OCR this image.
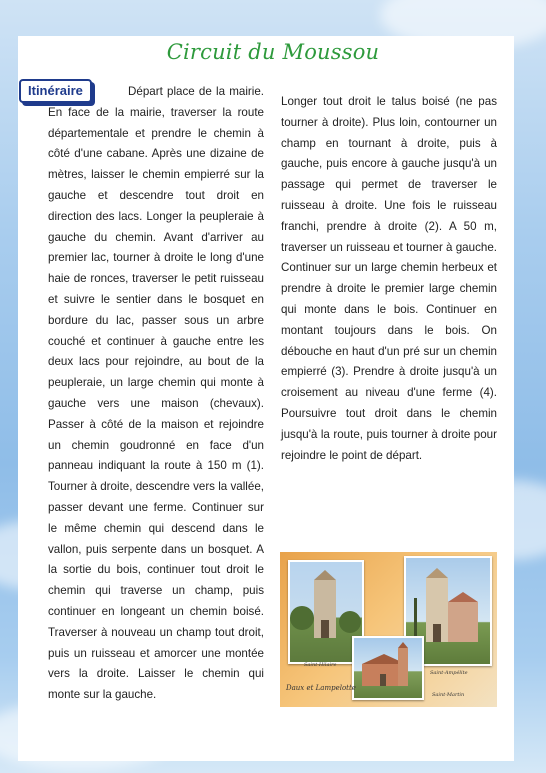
Circuit du Moussou
Itinéraire	Départ place de la mairie. En face de la mairie, traverser la route départementale et prendre le chemin à côté d'une cabane. Après une dizaine de mètres, laisser le chemin empierré sur la gauche et descendre tout droit en direction des lacs. Longer la peupleraie à gauche du chemin. Avant d'arriver au premier lac, tourner à droite le long d'une haie de ronces, traverser le petit ruisseau et suivre le sentier dans le bosquet en bordure du lac, passer sous un arbre couché et continuer à gauche entre les deux lacs pour rejoindre, au bout de la peupleraie, un large chemin qui monte à gauche vers une maison (chevaux). Passer à côté de la maison et rejoindre un chemin goudronné en face d'un panneau indiquant la route à 150 m (1). Tourner à droite, descendre vers la vallée, passer devant une ferme. Continuer sur le même chemin qui descend dans le vallon, puis serpente dans un bosquet. A la sortie du bois, continuer tout droit le chemin qui traverse un champ, puis continuer en longeant un chemin boisé. Traverser à nouveau un champ tout droit, puis un ruisseau et amorcer une montée vers la droite. Laisser le chemin qui monte sur la gauche.
Longer tout droit le talus boisé (ne pas tourner à droite). Plus loin, contourner un champ en tournant à droite, puis à gauche, puis encore à gauche jusqu'à un passage qui permet de traverser le ruisseau à droite. Une fois le ruisseau franchi, prendre à droite (2). A 50 m, traverser un ruisseau et tourner à gauche. Continuer sur un large chemin herbeux et prendre à droite le premier large chemin qui monte dans le bois. Continuer en montant toujours dans le bois. On débouche en haut d'un pré sur un chemin empierré (3). Prendre à droite jusqu'à un croisement au niveau d'une ferme (4). Poursuivre tout droit dans le chemin jusqu'à la route, puis tourner à droite pour rejoindre le point de départ.
Saint-Hilaire
Saint-Ampélite
Daux et Lampelotte
Saint-Martin
